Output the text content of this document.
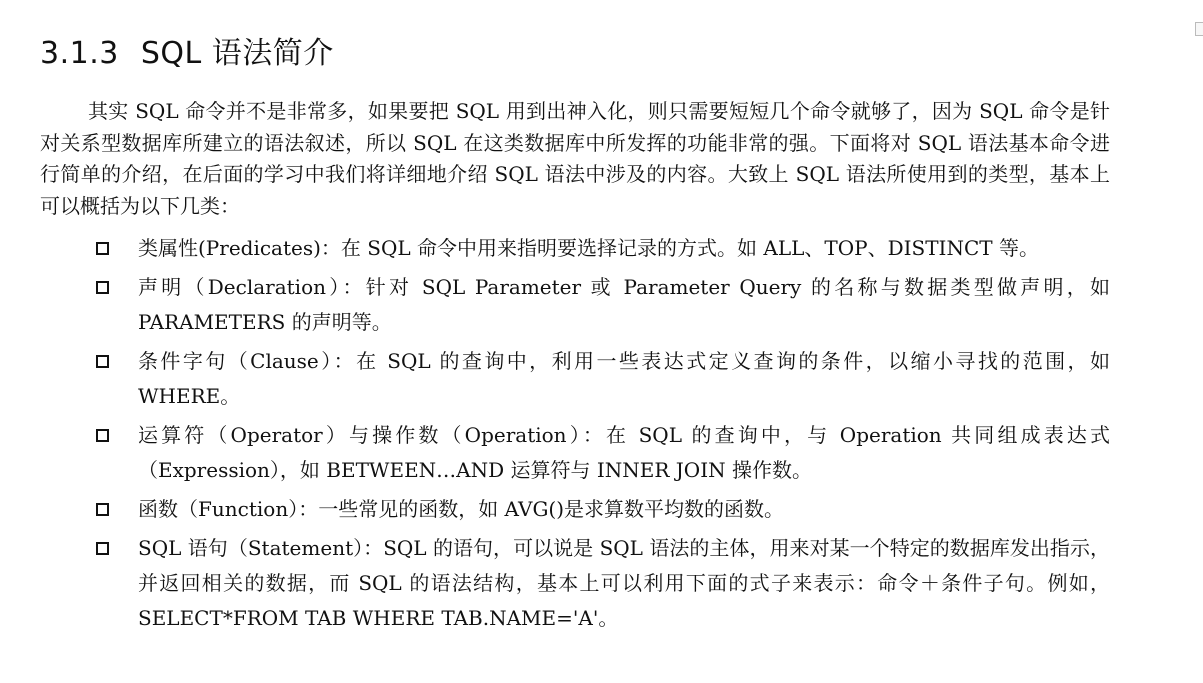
3.1.3 SQL 语法简介

其实 SQL 命令并不是非常多，如果要把 SQL 用到出神入化，则只需要短短几个命令就够了，因为 SQL 命令是针对关系型数据库所建立的语法叙述，所以 SQL 在这类数据库中所发挥的功能非常的强。下面将对 SQL 语法基本命令进行简单的介绍，在后面的学习中我们将详细地介绍 SQL 语法中涉及的内容。大致上 SQL 语法所使用到的类型，基本上可以概括为以下几类：

类属性(Predicates)：在 SQL 命令中用来指明要选择记录的方式。如 ALL、TOP、DISTINCT 等。
声明（Declaration）：针对 SQL Parameter 或 Parameter Query 的名称与数据类型做声明，如 PARAMETERS 的声明等。
条件字句（Clause）：在 SQL 的查询中，利用一些表达式定义查询的条件，以缩小寻找的范围，如 WHERE。
运算符（Operator）与操作数（Operation）：在 SQL 的查询中，与 Operation 共同组成表达式（Expression），如 BETWEEN…AND 运算符与 INNER JOIN 操作数。
函数（Function）：一些常见的函数，如 AVG()是求算数平均数的函数。
SQL 语句（Statement）：SQL 的语句，可以说是 SQL 语法的主体，用来对某一个特定的数据库发出指示，并返回相关的数据，而 SQL 的语法结构，基本上可以利用下面的式子来表示：命令＋条件子句。例如，SELECT*FROM TAB WHERE TAB.NAME='A'。
